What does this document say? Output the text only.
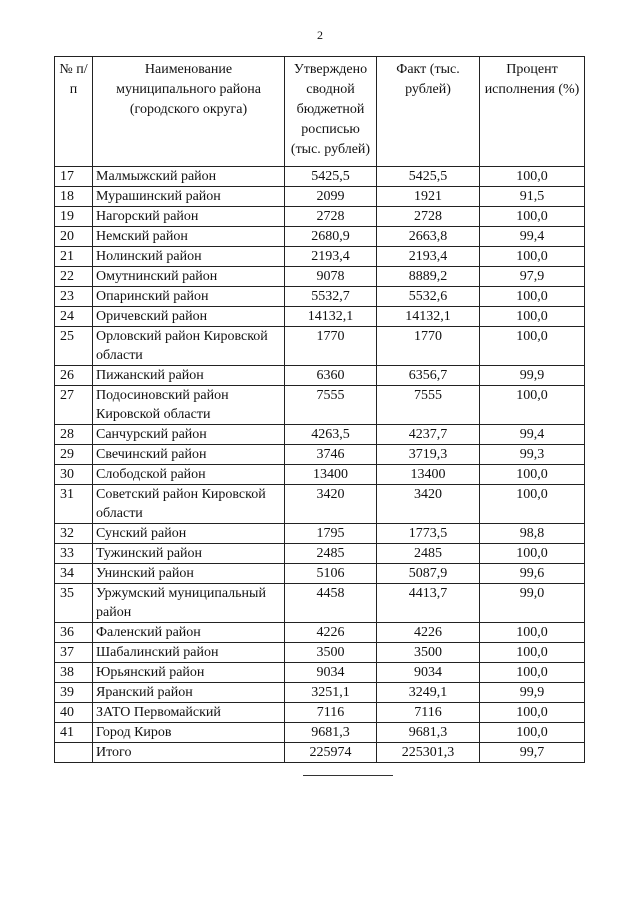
2
№ п/п	Наименование муниципального района (городского округа)	Утверждено сводной бюджетной росписью (тыс. рублей)	Факт (тыс. рублей)	Процент исполнения (%)
17	Малмыжский район	5425,5	5425,5	100,0
18	Мурашинский район	2099	1921	91,5
19	Нагорский район	2728	2728	100,0
20	Немский район	2680,9	2663,8	99,4
21	Нолинский район	2193,4	2193,4	100,0
22	Омутнинский район	9078	8889,2	97,9
23	Опаринский район	5532,7	5532,6	100,0
24	Оричевский район	14132,1	14132,1	100,0
25	Орловский район Кировской области	1770	1770	100,0
26	Пижанский район	6360	6356,7	99,9
27	Подосиновский район Кировской области	7555	7555	100,0
28	Санчурский район	4263,5	4237,7	99,4
29	Свечинский район	3746	3719,3	99,3
30	Слободской район	13400	13400	100,0
31	Советский район Кировской области	3420	3420	100,0
32	Сунский район	1795	1773,5	98,8
33	Тужинский район	2485	2485	100,0
34	Унинский район	5106	5087,9	99,6
35	Уржумский муниципальный район	4458	4413,7	99,0
36	Фаленский район	4226	4226	100,0
37	Шабалинский район	3500	3500	100,0
38	Юрьянский район	9034	9034	100,0
39	Яранский район	3251,1	3249,1	99,9
40	ЗАТО Первомайский	7116	7116	100,0
41	Город Киров	9681,3	9681,3	100,0
	Итого	225974	225301,3	99,7
